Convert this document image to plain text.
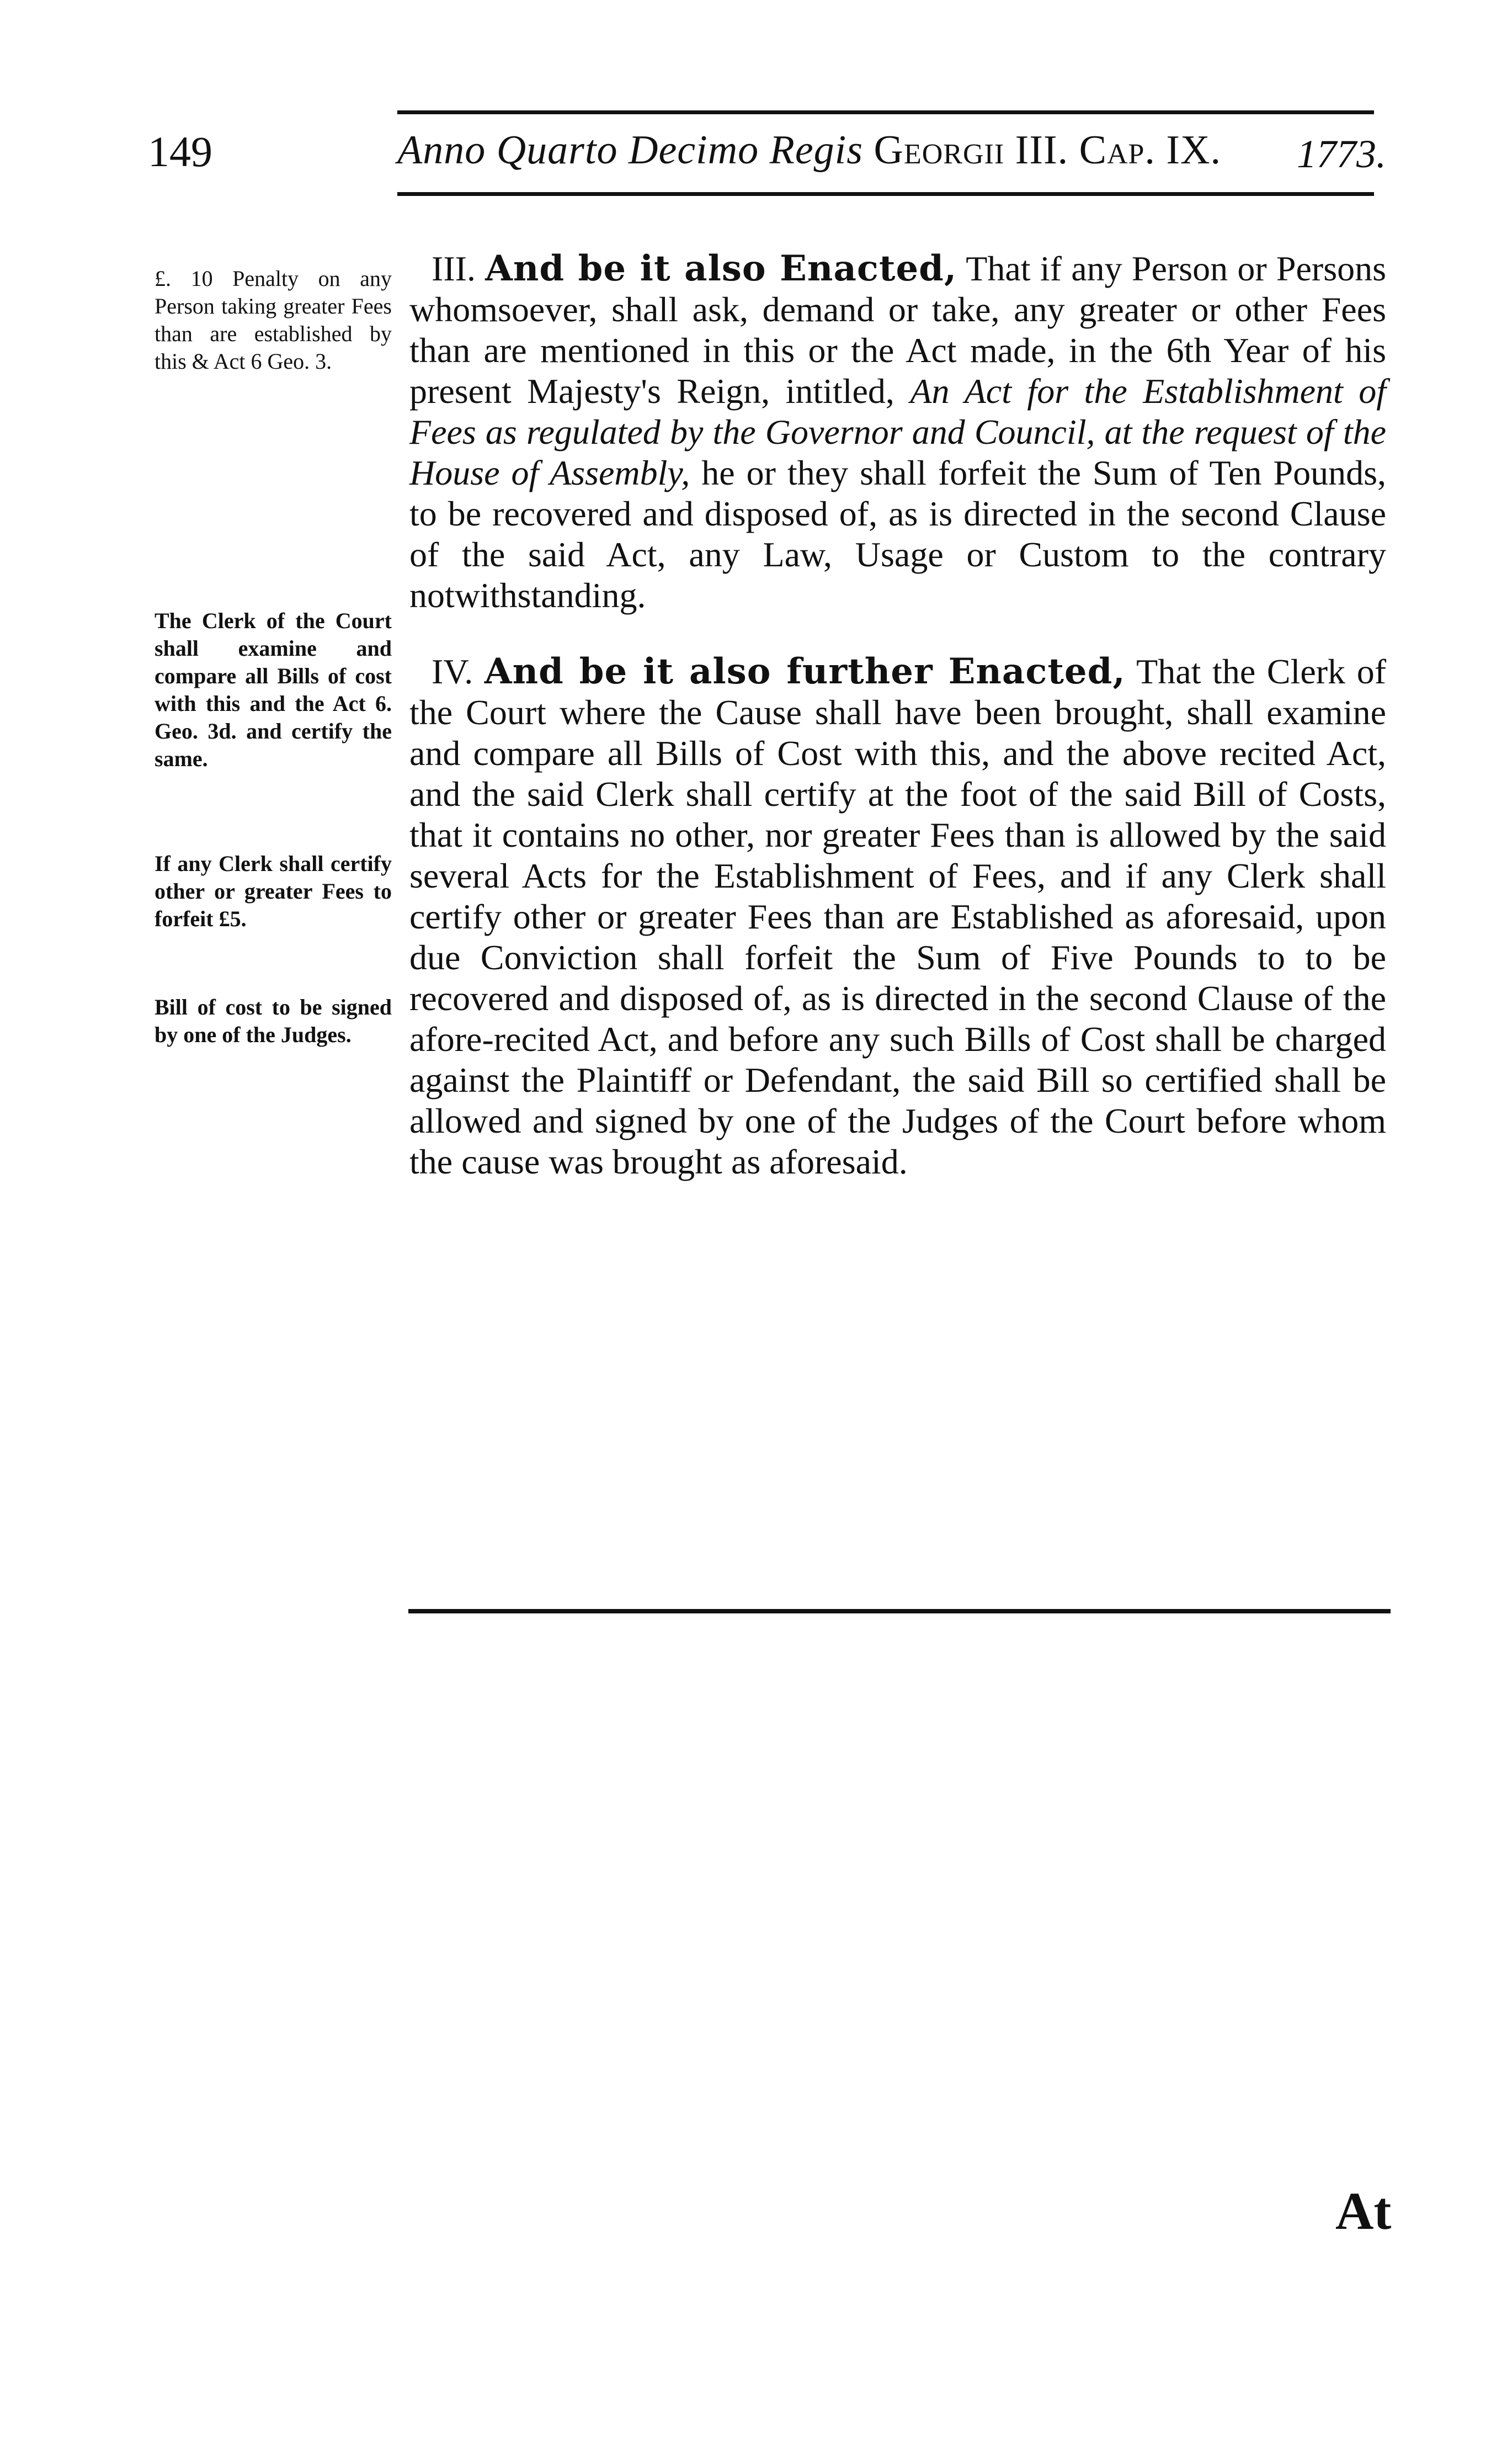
149	Anno Quarto Decimo Regis Georgii III. Cap. IX. 1773.

£. 10 Penalty on any Person taking greater Fees than are established by this & Act 6 Geo. 3.

The Clerk of the Court shall examine and compare all Bills of cost with this and the Act 6. Geo. 3d. and certify the same.

If any Clerk shall certify other or greater Fees to forfeit £5.

Bill of cost to be signed by one of the Judges.

III. And be it also Enacted, That if any Person or Persons whomsoever, shall ask, demand or take, any greater or other Fees than are mentioned in this or the Act made, in the 6th Year of his present Majesty's Reign, intitled, An Act for the Establishment of Fees as regulated by the Governor and Council, at the request of the House of Assembly, he or they shall forfeit the Sum of Ten Pounds, to be recovered and disposed of, as is directed in the second Clause of the said Act, any Law, Usage or Custom to the contrary notwithstanding.

IV. And be it also further Enacted, That the Clerk of the Court where the Cause shall have been brought, shall examine and compare all Bills of Cost with this, and the above recited Act, and the said Clerk shall certify at the foot of the said Bill of Costs, that it contains no other, nor greater Fees than is allowed by the said several Acts for the Establishment of Fees, and if any Clerk shall certify other or greater Fees than are Established as aforesaid, upon due Conviction shall forfeit the Sum of Five Pounds to to be recovered and disposed of, as is directed in the second Clause of the afore-recited Act, and before any such Bills of Cost shall be charged against the Plaintiff or Defendant, the said Bill so certified shall be allowed and signed by one of the Judges of the Court before whom the cause was brought as aforesaid.

At
